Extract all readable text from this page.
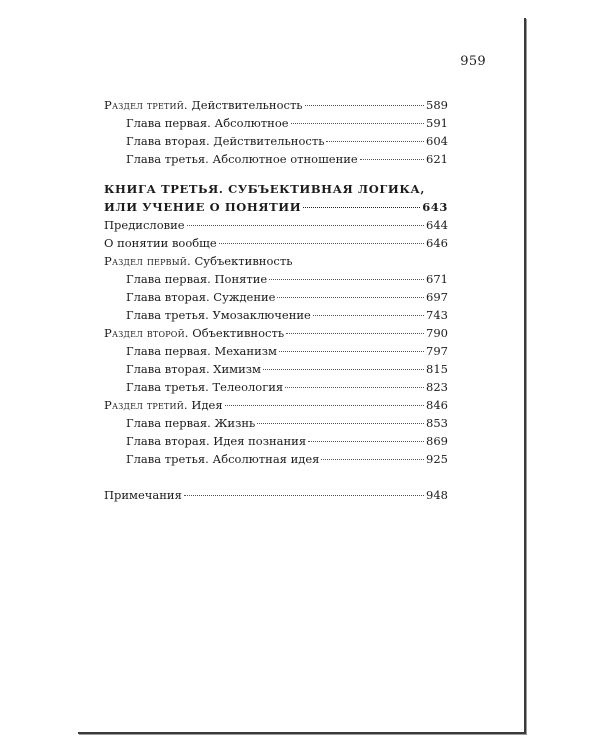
959
Раздел третий. Действительность	589
Глава первая. Абсолютное	591
Глава вторая. Действительность	604
Глава третья. Абсолютное отношение	621
КНИГА ТРЕТЬЯ. СУБЪЕКТИВНАЯ ЛОГИКА,
ИЛИ УЧЕНИЕ О ПОНЯТИИ	643
Предисловие	644
О понятии вообще	646
Раздел первый. Субъективность
Глава первая. Понятие	671
Глава вторая. Суждение	697
Глава третья. Умозаключение	743
Раздел второй. Объективность	790
Глава первая. Механизм	797
Глава вторая. Химизм	815
Глава третья. Телеология	823
Раздел третий. Идея	846
Глава первая. Жизнь	853
Глава вторая. Идея познания	869
Глава третья. Абсолютная идея	925
Примечания	948
